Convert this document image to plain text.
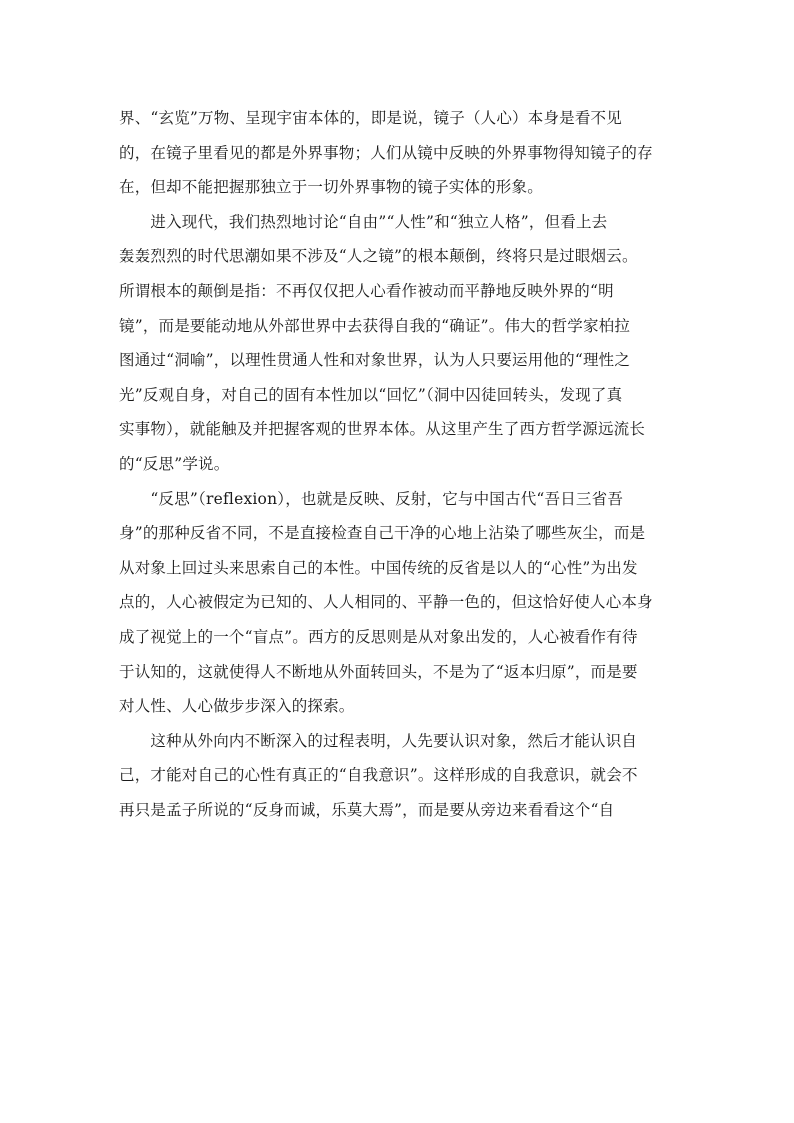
界、“玄览”万物、呈现宇宙本体的，即是说，镜子（人心）本身是看不见
的，在镜子里看见的都是外界事物；人们从镜中反映的外界事物得知镜子的存
在，但却不能把握那独立于一切外界事物的镜子实体的形象。
　　进入现代，我们热烈地讨论“自由”“人性”和“独立人格”，但看上去
轰轰烈烈的时代思潮如果不涉及“人之镜”的根本颠倒，终将只是过眼烟云。
所谓根本的颠倒是指：不再仅仅把人心看作被动而平静地反映外界的“明
镜”，而是要能动地从外部世界中去获得自我的“确证”。伟大的哲学家柏拉
图通过“洞喻”，以理性贯通人性和对象世界，认为人只要运用他的“理性之
光”反观自身，对自己的固有本性加以“回忆”（洞中囚徒回转头，发现了真
实事物），就能触及并把握客观的世界本体。从这里产生了西方哲学源远流长
的“反思”学说。
　　“反思”（reflexion），也就是反映、反射，它与中国古代“吾日三省吾
身”的那种反省不同，不是直接检查自己干净的心地上沾染了哪些灰尘，而是
从对象上回过头来思索自己的本性。中国传统的反省是以人的“心性”为出发
点的，人心被假定为已知的、人人相同的、平静一色的，但这恰好使人心本身
成了视觉上的一个“盲点”。西方的反思则是从对象出发的，人心被看作有待
于认知的，这就使得人不断地从外面转回头，不是为了“返本归原”，而是要
对人性、人心做步步深入的探索。
　　这种从外向内不断深入的过程表明，人先要认识对象，然后才能认识自
己，才能对自己的心性有真正的“自我意识”。这样形成的自我意识，就会不
再只是孟子所说的“反身而诚，乐莫大焉”，而是要从旁边来看看这个“自
